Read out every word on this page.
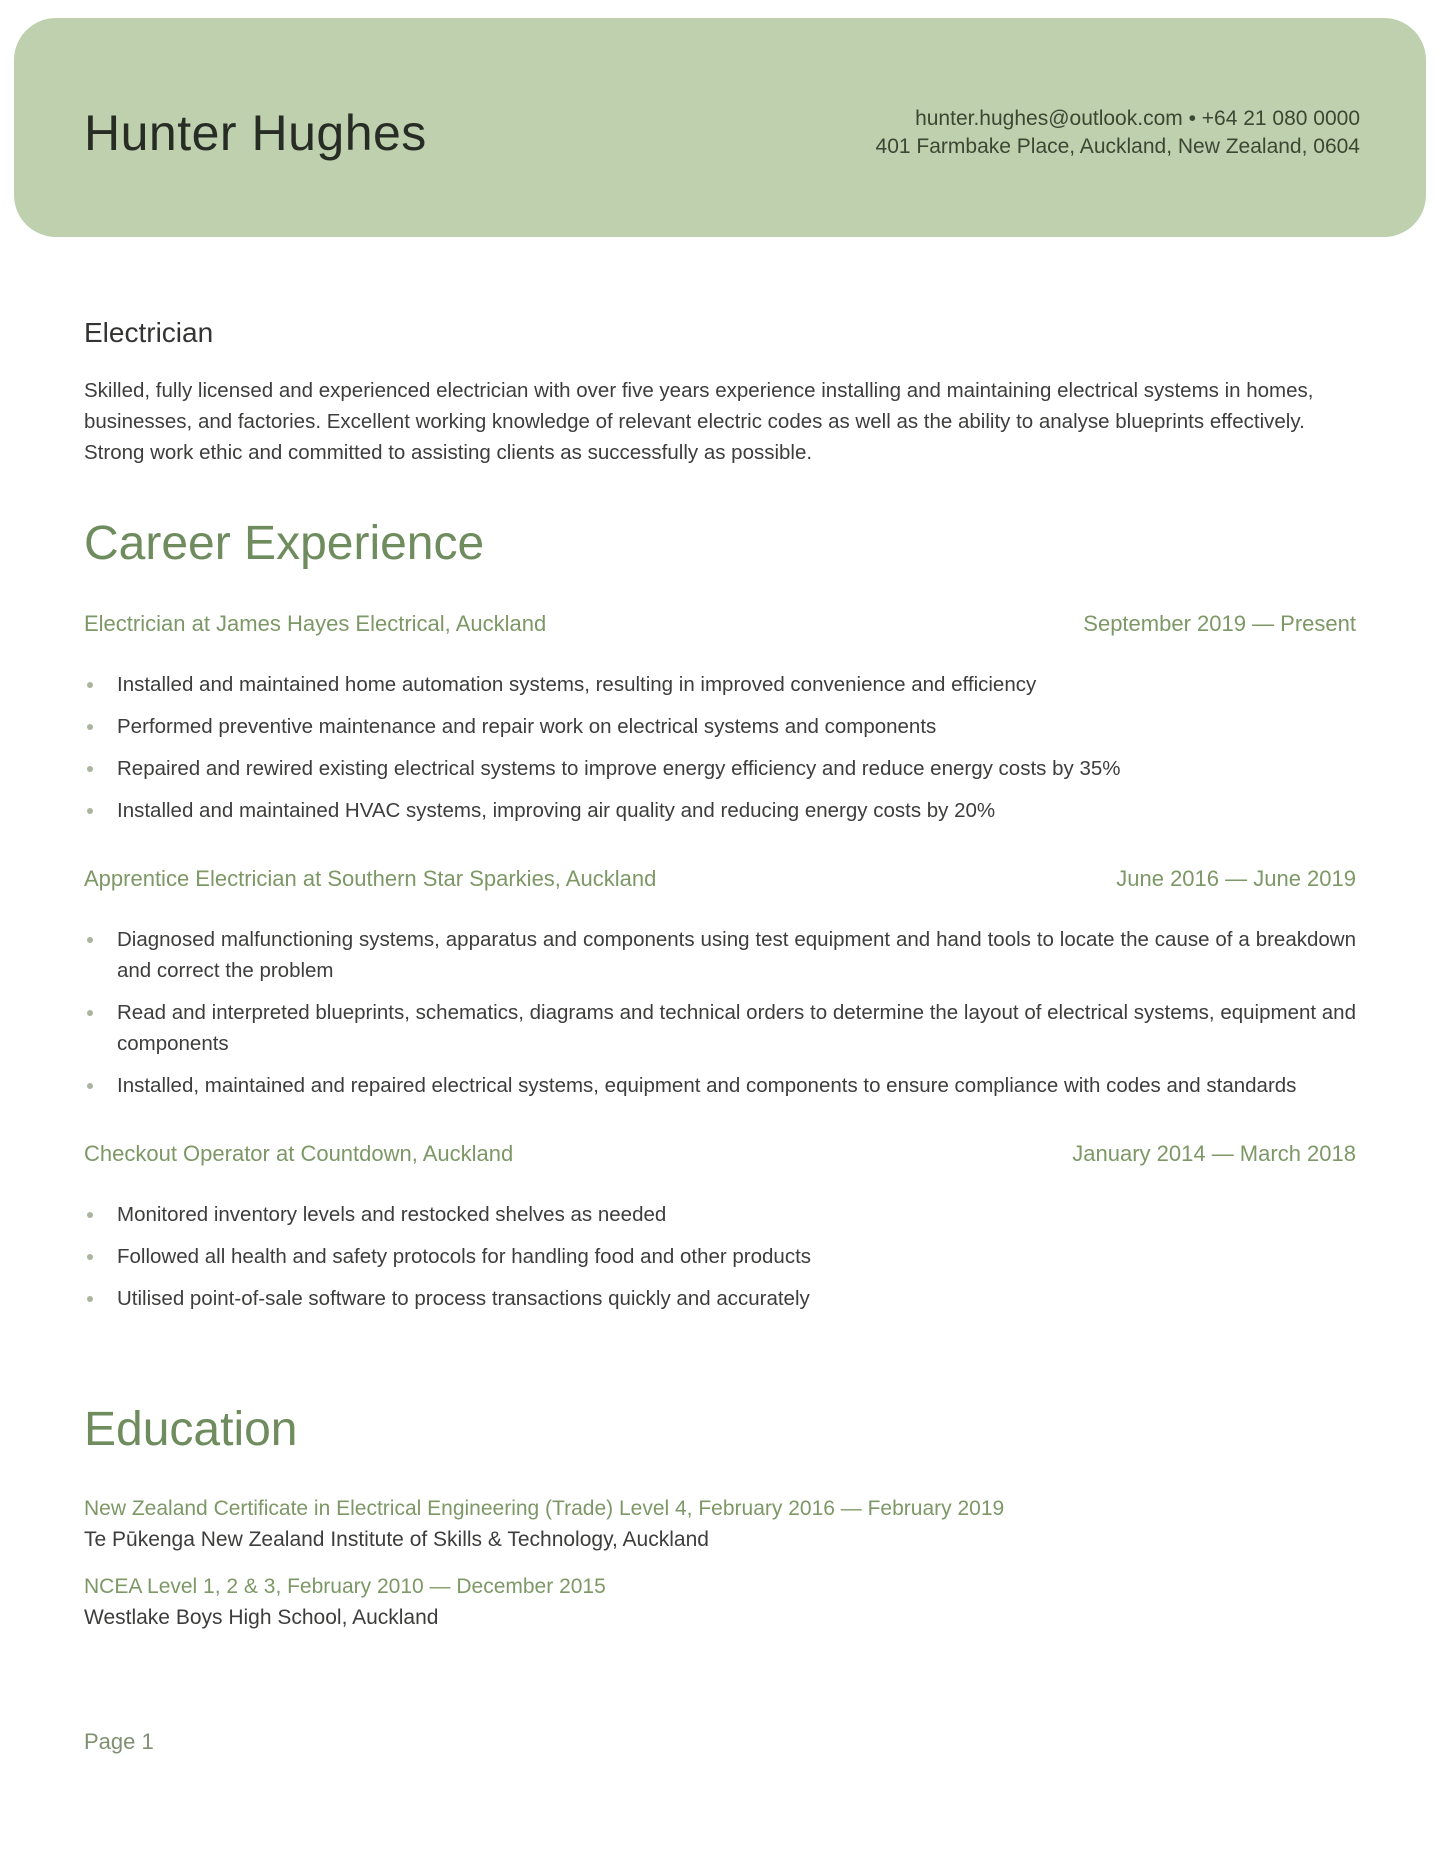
Hunter Hughes	hunter.hughes@outlook.com • +64 21 080 0000
401 Farmbake Place, Auckland, New Zealand, 0604
Electrician

Skilled, fully licensed and experienced electrician with over five years experience installing and maintaining electrical systems in homes, businesses, and factories. Excellent working knowledge of relevant electric codes as well as the ability to analyse blueprints effectively. Strong work ethic and committed to assisting clients as successfully as possible.

Career Experience
Electrician at James Hayes Electrical, Auckland	September 2019 — Present
Installed and maintained home automation systems, resulting in improved convenience and efficiency
Performed preventive maintenance and repair work on electrical systems and components
Repaired and rewired existing electrical systems to improve energy efficiency and reduce energy costs by 35%
Installed and maintained HVAC systems, improving air quality and reducing energy costs by 20%
Apprentice Electrician at Southern Star Sparkies, Auckland	June 2016 — June 2019
Diagnosed malfunctioning systems, apparatus and components using test equipment and hand tools to locate the cause of a breakdown and correct the problem
Read and interpreted blueprints, schematics, diagrams and technical orders to determine the layout of electrical systems, equipment and components
Installed, maintained and repaired electrical systems, equipment and components to ensure compliance with codes and standards
Checkout Operator at Countdown, Auckland	January 2014 — March 2018
Monitored inventory levels and restocked shelves as needed
Followed all health and safety protocols for handling food and other products
Utilised point-of-sale software to process transactions quickly and accurately
Education
New Zealand Certificate in Electrical Engineering (Trade) Level 4, February 2016 — February 2019
Te Pūkenga New Zealand Institute of Skills & Technology, Auckland
NCEA Level 1, 2 & 3, February 2010 — December 2015
Westlake Boys High School, Auckland
Page 1
